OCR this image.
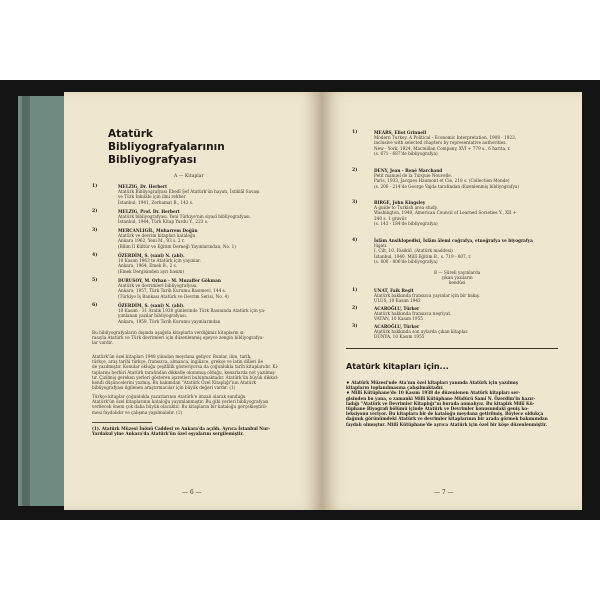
Atatürk
Bibliyografyalarının
Bibliyografyası
A — Kitaplar
1)	MELZIG, Dr. Herbert
Atatürk Bibliyografyası Ebedî Şef Atatürk'ün hayatı, İstiklâl Savaşı
ve Türk İnkılâbı için ilmi rehber
İstanbul, 1941, Zerbamat B., 142 s.
2)	MELZIG, Prof. Dr. Herbert
Atatürk bibliyografyası. Yeni Türkiye'nin siyasî bibliyografyası.
İstanbul, 1944, Türk Kitap Yurdu Y., 223 s.
3)	MERCANLIGİL, Muharrem Doğân
Atatürk ve devrim kitapları kataloğu
Ankara 1962, Yeni M., 93 s. 2 r.
(Bilim İl Kültür ve Eğitim Derneği Yayınlarından, No. 1)
4)	ÖZERDİM, S. (sanl) N. (abl).
10 Kasım 1963 te Atatürk için yayınlar.
Ankara, 1964, Emek B., 2 s.
(Emek Dergisinden ayrı basım)
5)	DURUSOY, M. Orhan - M. Muzaffer Gökman
Atatürk ve devrimleri bibliyografyası.
Ankara, 1957, Türk Tarih Kurumu Basımevi, 144 s.
(Türkiye İş Bankası Atatürk ve Devrim Serisi, No. 4)
6)	ÖZERDİM, S. (sanl) N. (abl).
10 Kasım - 31 Aralık 1938 günlerinde Türk Basınında Atatürk için ya-
yımlanan yazılar bibliyografyası.
Ankara, 1959, Türk Tarih Kurumu yayınlarından
Bu bibliyografyaların dışında aşağıda kitaplarla verdiğimiz kitapların sı-
rasıyla Atatürk ve Türk devrimleri için düzenlenmiş epeyce zengin bibliyografya-
lar vardır.
Atatürk'ün özel kitapları 1948 yılından meydana geliyor. Bunlar, ilim, tarih,
türkçe, araş tarihi türkçe, fransızca, almanca, ingilizce, grekçe ve latin dilleri ile
de yazılmıştır. Konular okluğa çeşitlilik gösteriyorsa da çoğunlukla tarih kitaplarıdır. Ki-
taplarını herbiri Atatürk tarafından dikkatle okunmuş olduğu, kenarlarda not yazılmış-
tır. Çizilmiş gereken yerleri gösteren işaretleri bulunmaktadır. Atatürk'ün büyük dikkat-
kendi düşüncelerini yazmış. Bu bakımdan "Atatürk Özel Kitaplığı"nın Atatürk
bibliyografyası ilgilenen araştırmacılar için büyük değeri vardır. (1)
Türkçe kitaplar çoğunlukla yazarlarının Atatürk'e imzalı olarak sunduğu
Atatürk'ün özel kitaplarının kataloğu yayımlanmıştır. Bu gibi yerleri bibliyografyası
verilecek önem çok daha büyük olacaktır. Bu kitapların bir kataloğu gerçekleştiril-
mesi faydalıdır ve çalışma yapılmalıdır. (1)
(1). Atatürk Müzesi İnönü Caddesi ve Ankara'da açıldı. Ayrıca İstanbul Nur-
Yardakul yine Ankara'da Atatürk'ün özel eşyalarını sergilemiştir.
— 6 —
1)	MEARS, Eliot Grinnell
Modern Turkey. A Political - Economic Interpretation, 1908 - 1923,
inclusive with selected chapters by representative authorities.
New - York, 1924, Macmillan Company, XVI + 779 s., 6 harita, r.
(s. 671 - 687'de bibliyografya)
2)	DENY, Jean - René Marchand
Petit manuel de la Turquie Nouvelle.
Paris, 1933, Jacques Haumont et Cie, 218 s. (Collection Monde)
(s. 206 - 214'de George Vajda tarafından düzenlenmiş bibliyografya)
3)	BIRGE, John Kingsley
A guide to Turkish area study.
Washington, 1949, American Council of Learned Societies Y., XII +
240 s. 1 gravür.
(s. 143 - 184'de bibliyografya)
4)	İslâm Ansiklopedisi, İslâm âlemi coğrafya, etnoğrafya ve biyografya
lûgatı.
I. Cilt, 10. Fasikül. (Atatürk maddesi)
İstanbul, 1940, Millî Eğitim B., s. 719 - 807, r.
(s. 800 - 806'de bibliyografya)
B — Süreli yayınlarda
çıkan yazıların
kendüsi
1)	UNAT, Faik Reşit
Atatürk bakkında fransızca yayınlar için bir bakış.
ULUS, 10 Kasım 1942
2)	ACAROĞLU, Türker
Atatürk hakkında fransızca neşriyat.
VATAN, 10 Kasım 1955
3)	ACAROĞLU, Türker
Atatürk hakkında son aylarda çıkan kitaplar.
DÜNYA, 10 Kasım 1955
Atatürk kitapları için...
♦ Atatürk Müzesi'nde Ata'nın özel kitapları yanında Atatürk için yazılmış
kitapların toplanılmasına çalışılmaktadır.
♦ Millî Kütüphane'de 10 Kasım 1938 de düzenlenen Atatürk kitapları ser-
gisinden bu yana, o zamanki Millî Kütüphane Müdürü Samî N. Özerdim'in hazır-
ladığı "Atatürk ve Devrimler Kitaplığı"nı burada anmalıyız. Bu kitaplık Millî Kü-
tüphane Biyografi bölümü içinde Atatürk ve Devrimler konusundaki geniş ko-
leksiyonu veriyor. Bu kitaplara bir de kataloğu meydana getirilmiş. Böylece oldukça
dağınık görünümdeki Atatürk ve devrimler kitaplarının bir arada görmek bakımından
faydalı olmuştur. Millî Kütüphane'de ayrıca Atatürk için özel bir köşe düzenlenmiştir.
— 7 —
